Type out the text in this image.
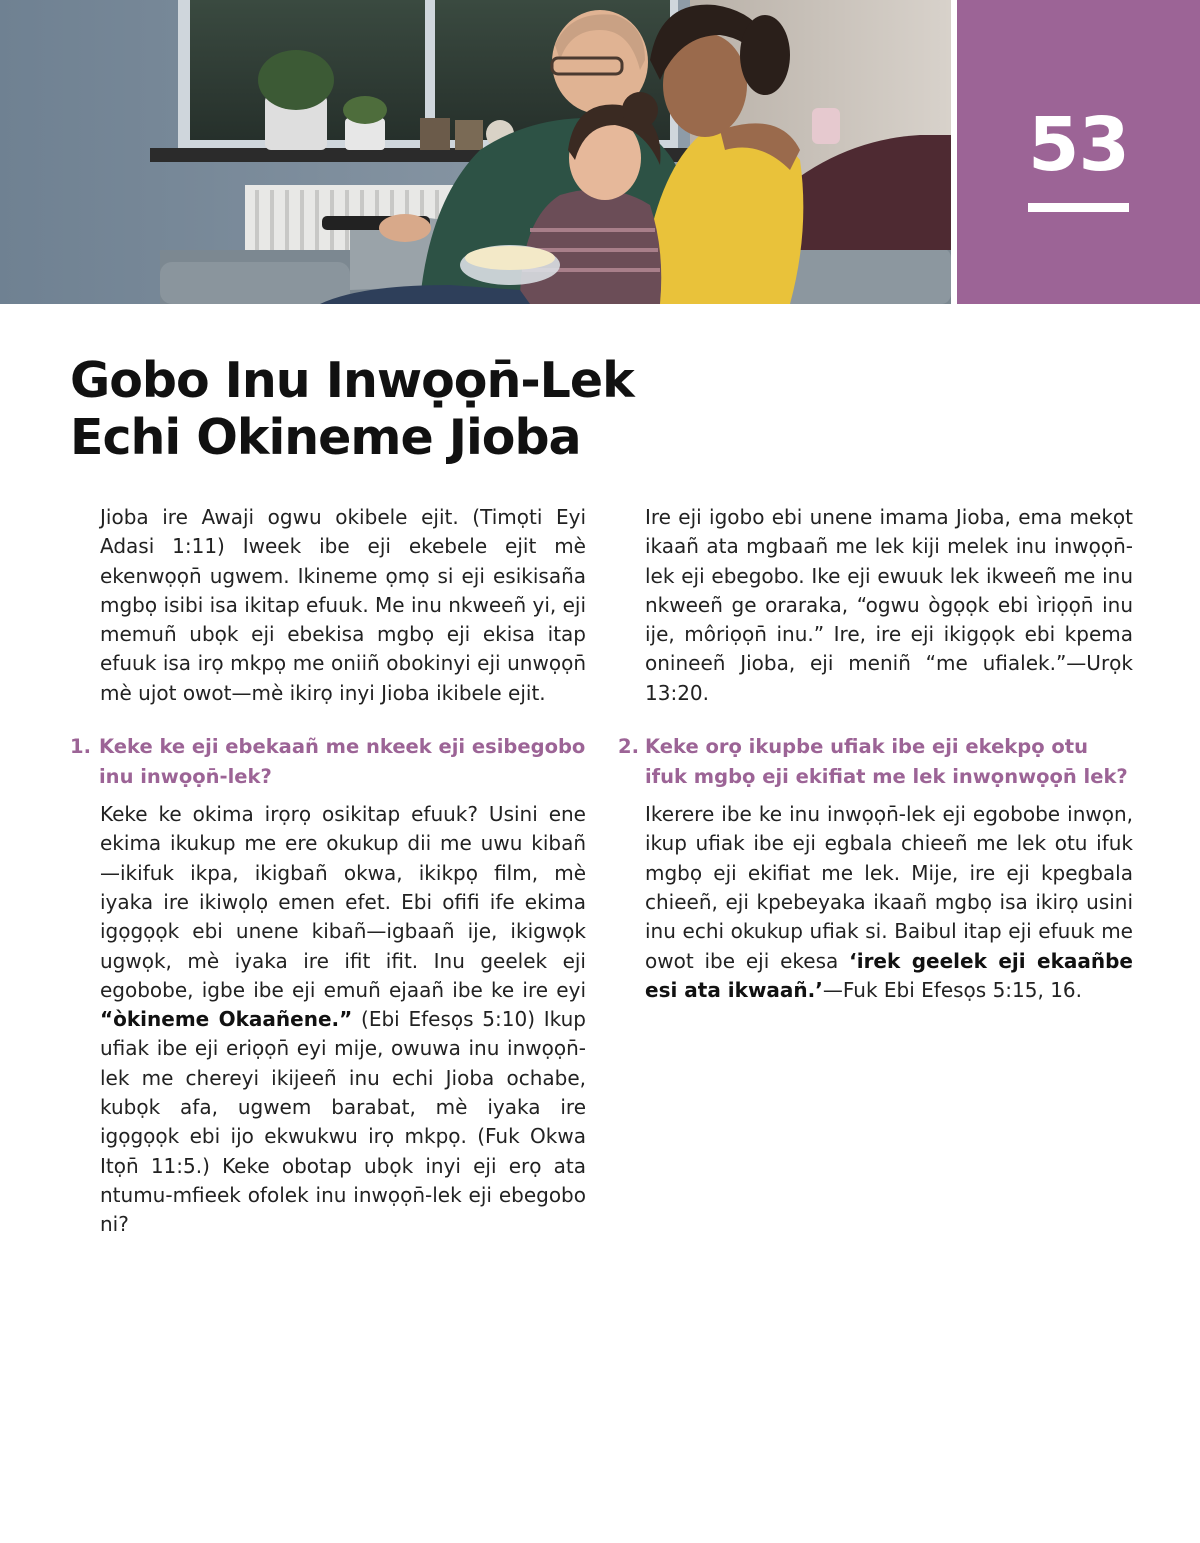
53
Gobo Inu Inwọọn̄-Lek
Echi Okineme Jioba

Jioba ire Awaji ogwu okibele ejit. (Timọti Eyi Adasi 1:11) Iweek ibe eji ekebele ejit mè ekenwọọn̄ ugwem. Ikineme ọmọ si eji esikisaña mgbọ isibi isa ikitap efuuk. Me inu nkweeñ yi, eji memuñ ubọk eji ebekisa mgbọ eji ekisa itap efuuk isa irọ mkpọ me oniiñ obokinyi eji unwọọn̄ mè ujot owot—mè ikirọ inyi Jioba ikibele ejit.

1. Keke ke eji ebekaañ me nkeek eji esibegobo inu inwọọn̄-lek?

Keke ke okima irọrọ osikitap efuuk? Usini ene ekima ikukup me ere okukup dii me uwu kibañ—ikifuk ikpa, ikigbañ okwa, ikikpọ film, mè iyaka ire ikiwọlọ emen efet. Ebi ofifi ife ekima igọgọọk ebi unene kibañ—igbaañ ije, ikigwọk ugwọk, mè iyaka ire ifit ifit. Inu geelek eji egobobe, igbe ibe eji emuñ ejaañ ibe ke ire eyi “òkineme Okaañene.” (Ebi Efesọs 5:10) Ikup ufiak ibe eji eriọọn̄ eyi mije, owuwa inu inwọọn̄-lek me chereyi ikijeeñ inu echi Jioba ochabe, kubọk afa, ugwem barabat, mè iyaka ire igọgọọk ebi ijo ekwukwu irọ mkpọ. (Fuk Okwa Itọn̄ 11:5.) Keke obotap ubọk inyi eji erọ ata ntumu-mfieek ofolek inu inwọọn̄-lek eji ebegobo ni?

Ire eji igobo ebi unene imama Jioba, ema mekọt ikaañ ata mgbaañ me lek kiji melek inu inwọọn̄-lek eji ebegobo. Ike eji ewuuk lek ikweeñ me inu nkweeñ ge oraraka, “ogwu ògọọk ebi ìriọọn̄ inu ije, môriọọn̄ inu.” Ire, ire eji ikigọọk ebi kpema onineeñ Jioba, eji meniñ “me ufialek.”—Urọk 13:20.

2. Keke orọ ikupbe ufiak ibe eji ekekpọ otu ifuk mgbọ eji ekifiat me lek inwọnwọọn̄ lek?

Ikerere ibe ke inu inwọọn̄-lek eji egobobe inwọn, ikup ufiak ibe eji egbala chieeñ me lek otu ifuk mgbọ eji ekifiat me lek. Mije, ire eji kpegbala chieeñ, eji kpebeyaka ikaañ mgbọ isa ikirọ usini inu echi okukup ufiak si. Baibul itap eji efuuk me owot ibe eji ekesa ‘irek geelek eji ekaañbe esi ata ikwaañ.’—Fuk Ebi Efesọs 5:15, 16.
